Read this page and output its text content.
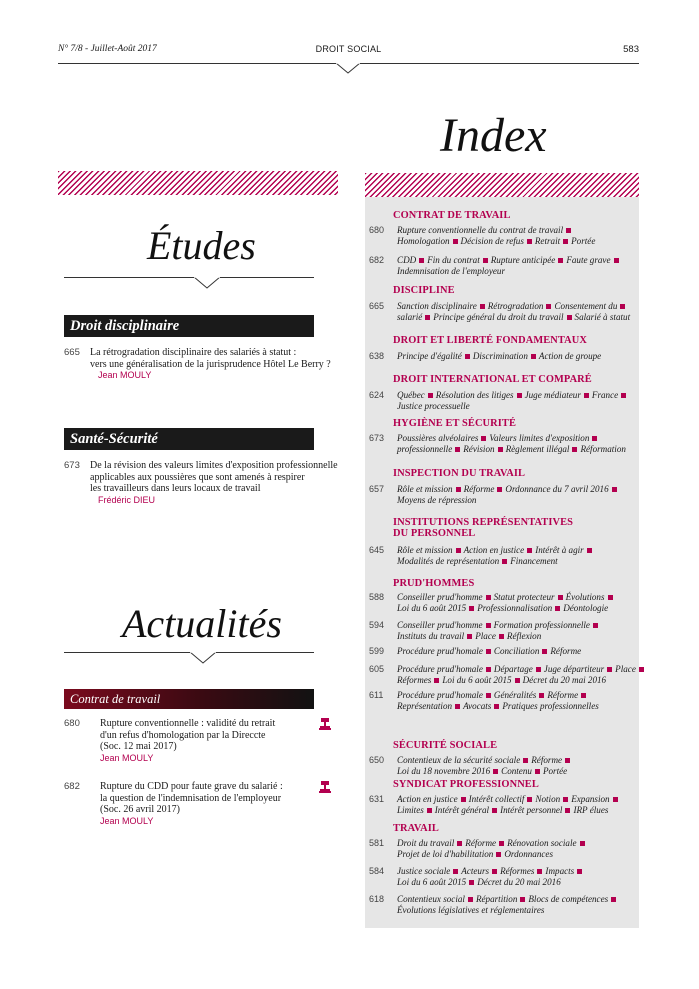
N° 7/8 - Juillet-Août 2017	DROIT SOCIAL	583
Index
Études
Droit disciplinaire
665 La rétrogradation disciplinaire des salariés à statut :
vers une généralisation de la jurisprudence Hôtel Le Berry ?
Jean MOULY
Santé-Sécurité
673 De la révision des valeurs limites d'exposition professionnelle
applicables aux poussières que sont amenés à respirer
les travailleurs dans leurs locaux de travail
Frédéric DIEU
Actualités
Contrat de travail
680 Rupture conventionnelle : validité du retrait
d'un refus d'homologation par la Direccte
(Soc. 12 mai 2017)
Jean MOULY
682 Rupture du CDD pour faute grave du salarié :
la question de l'indemnisation de l'employeur
(Soc. 26 avril 2017)
Jean MOULY
CONTRAT DE TRAVAIL
680	Rupture conventionnelle du contrat de travail
Homologation Décision de refus Retrait Portée
682	CDD Fin du contrat Rupture anticipée Faute grave
Indemnisation de l'employeur
DISCIPLINE
665	Sanction disciplinaire Rétrogradation Consentement du
salarié Principe général du droit du travail Salarié à statut
DROIT ET LIBERTÉ FONDAMENTAUX
638	Principe d'égalité Discrimination Action de groupe
DROIT INTERNATIONAL ET COMPARÉ
624	Québec Résolution des litiges Juge médiateur France
Justice processuelle
HYGIÈNE ET SÉCURITÉ
673	Poussières alvéolaires Valeurs limites d'exposition
professionnelle Révision Règlement illégal Réformation
INSPECTION DU TRAVAIL
657	Rôle et mission Réforme Ordonnance du 7 avril 2016
Moyens de répression
INSTITUTIONS REPRÉSENTATIVES
DU PERSONNEL
645	Rôle et mission Action en justice Intérêt à agir
Modalités de représentation Financement
PRUD'HOMMES
588	Conseiller prud'homme Statut protecteur Évolutions
Loi du 6 août 2015 Professionnalisation Déontologie
594	Conseiller prud'homme Formation professionnelle
Instituts du travail Place Réflexion
599	Procédure prud'homale Conciliation Réforme
605	Procédure prud'homale Départage Juge départiteur Place
Réformes Loi du 6 août 2015 Décret du 20 mai 2016
611	Procédure prud'homale Généralités Réforme
Représentation Avocats Pratiques professionnelles
SÉCURITÉ SOCIALE
650	Contentieux de la sécurité sociale Réforme
Loi du 18 novembre 2016 Contenu Portée
SYNDICAT PROFESSIONNEL
631	Action en justice Intérêt collectif Notion Expansion
Limites Intérêt général Intérêt personnel IRP élues
TRAVAIL
581	Droit du travail Réforme Rénovation sociale
Projet de loi d'habilitation Ordonnances
584	Justice sociale Acteurs Réformes Impacts
Loi du 6 août 2015 Décret du 20 mai 2016
618	Contentieux social Répartition Blocs de compétences
Évolutions législatives et réglementaires
